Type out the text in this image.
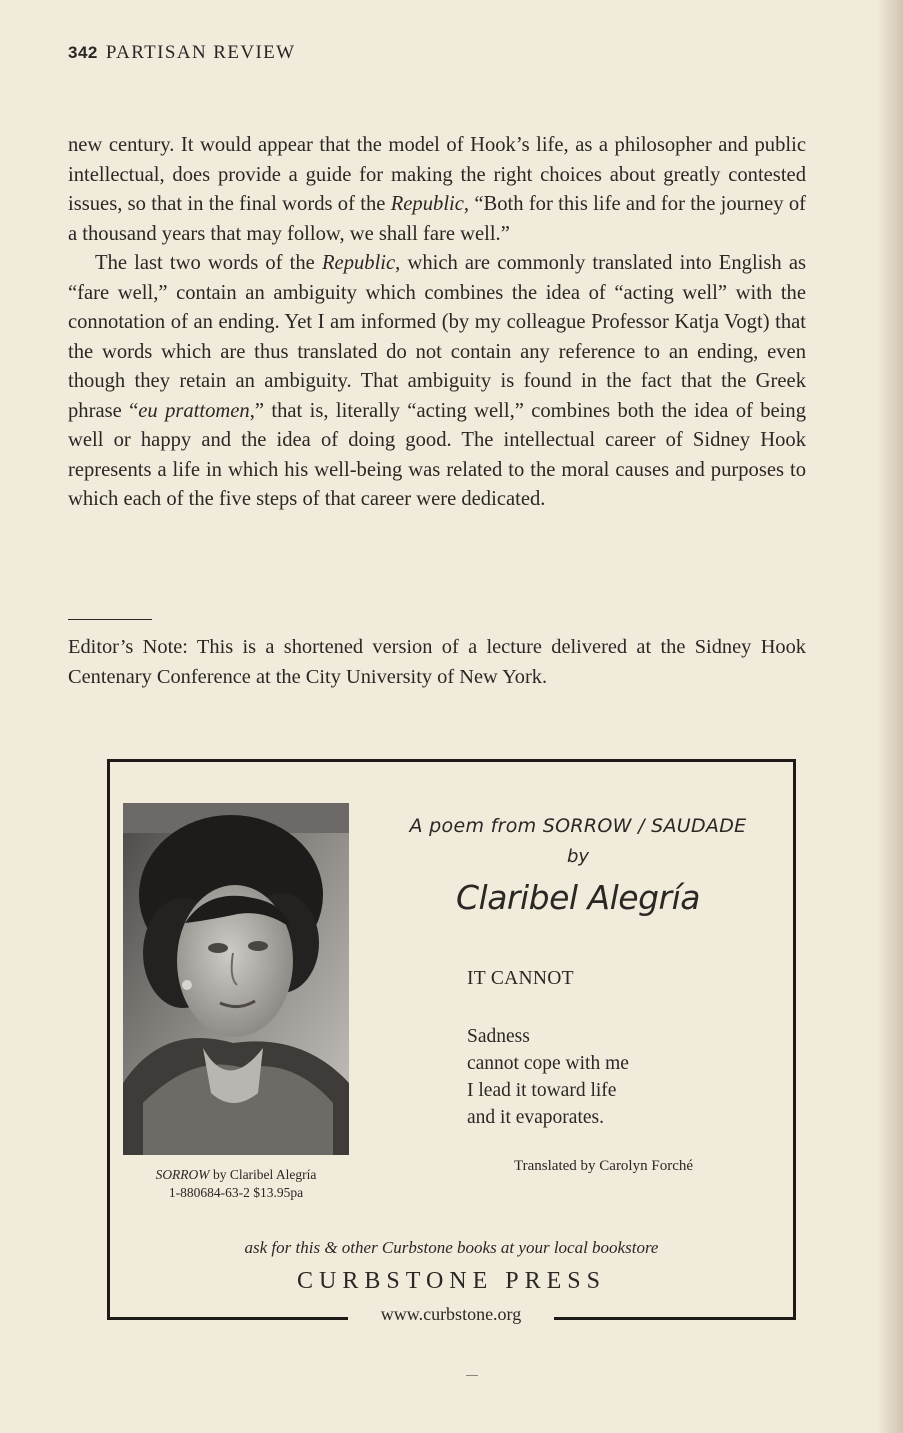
342 PARTISAN REVIEW

new century. It would appear that the model of Hook’s life, as a philosopher and public intellectual, does provide a guide for making the right choices about greatly contested issues, so that in the final words of the Republic, “Both for this life and for the journey of a thousand years that may follow, we shall fare well.”

The last two words of the Republic, which are commonly translated into English as “fare well,” contain an ambiguity which combines the idea of “acting well” with the connotation of an ending. Yet I am informed (by my colleague Professor Katja Vogt) that the words which are thus translated do not contain any reference to an ending, even though they retain an ambiguity. That ambiguity is found in the fact that the Greek phrase “eu prattomen,” that is, literally “acting well,” combines both the idea of being well or happy and the idea of doing good. The intellectual career of Sidney Hook represents a life in which his well-being was related to the moral causes and purposes to which each of the five steps of that career were dedicated.

Editor’s Note: This is a shortened version of a lecture delivered at the Sidney Hook Centenary Conference at the City University of New York.
SORROW by Claribel Alegría
1-880684-63-2 $13.95pa
A poem from SORROW / SAUDADE
by
Claribel Alegría
IT CANNOT
Sadness
cannot cope with me
I lead it toward life
and it evaporates.
Translated by Carolyn Forché
ask for this & other Curbstone books at your local bookstore
CURBSTONE PRESS
www.curbstone.org
